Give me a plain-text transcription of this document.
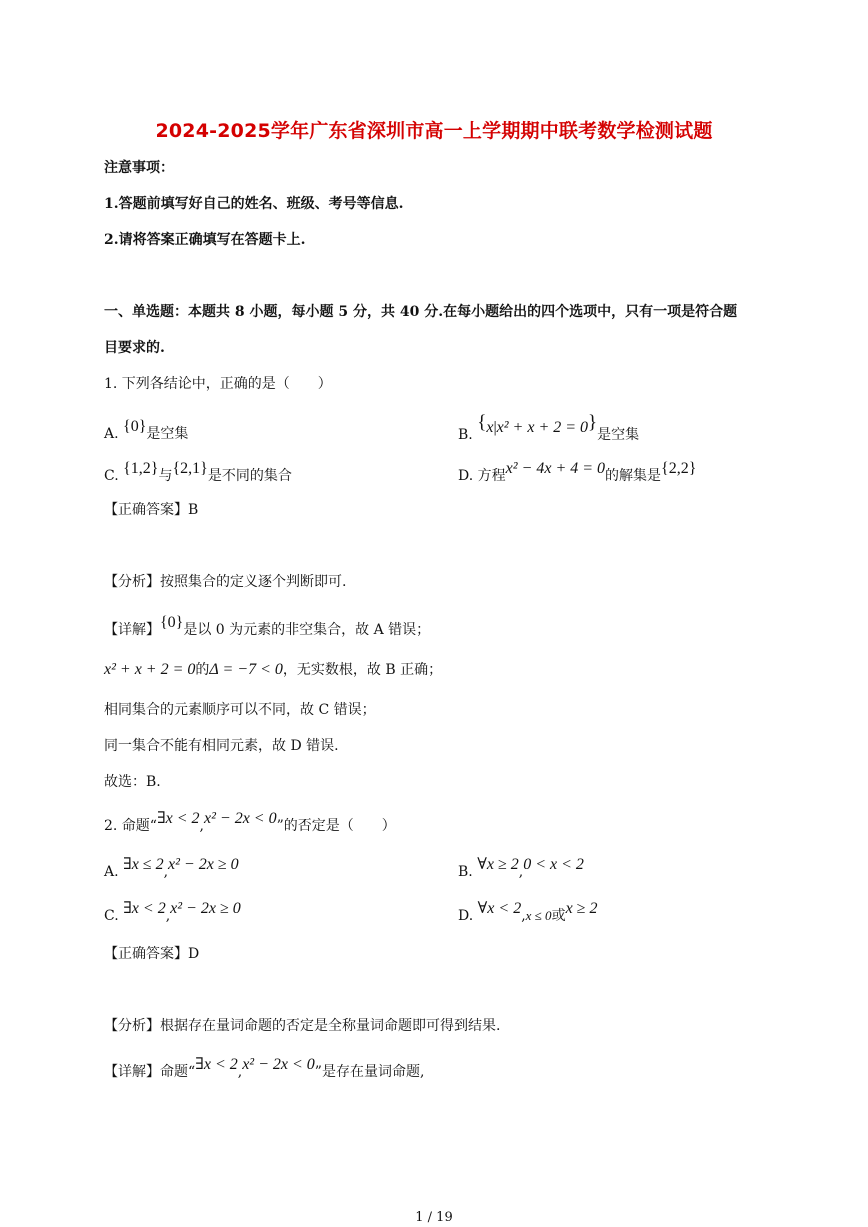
2024-2025学年广东省深圳市高一上学期期中联考数学检测试题
注意事项：
1.答题前填写好自己的姓名、班级、考号等信息.
2.请将答案正确填写在答题卡上.
一、单选题：本题共 8 小题，每小题 5 分，共 40 分.在每小题给出的四个选项中，只有一项是符合题
目要求的.
1. 下列各结论中，正确的是（　　）
A. {0}是空集	B. {x|x² + x + 2 = 0}是空集
C. {1,2}与{2,1}是不同的集合	D. 方程x² − 4x + 4 = 0的解集是{2,2}
【正确答案】B
【分析】按照集合的定义逐个判断即可.
【详解】{0}是以 0 为元素的非空集合，故 A 错误；
x² + x + 2 = 0的Δ = −7 < 0，无实数根，故 B 正确；
相同集合的元素顺序可以不同，故 C 错误；
同一集合不能有相同元素，故 D 错误.
故选：B.
2. 命题“∃x < 2,x² − 2x < 0”的否定是（　　）
A. ∃x ≤ 2,x² − 2x ≥ 0	B. ∀x ≥ 2,0 < x < 2
C. ∃x < 2,x² − 2x ≥ 0	D. ∀x < 2,x ≤ 0或x ≥ 2
【正确答案】D
【分析】根据存在量词命题的否定是全称量词命题即可得到结果.
【详解】命题“∃x < 2,x² − 2x < 0”是存在量词命题,
1 / 19
